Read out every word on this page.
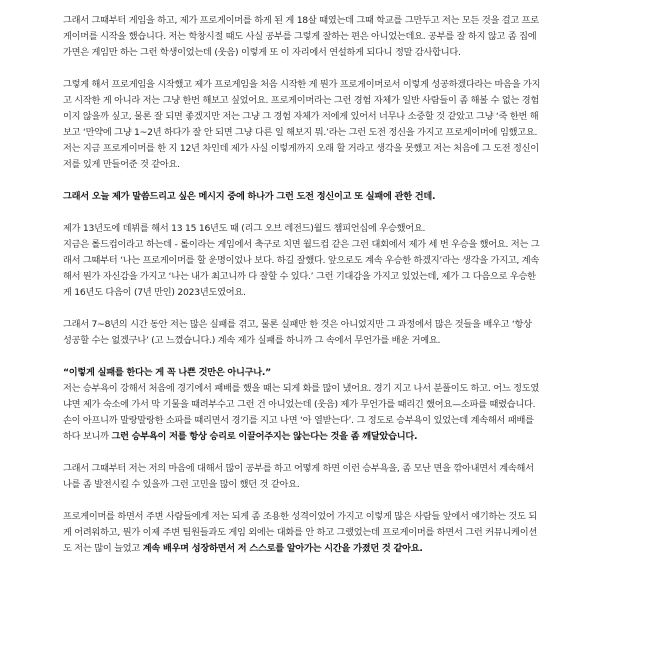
그래서 그때부터 게임을 하고, 제가 프로게이머를 하게 된 게 18살 때였는데 그때 학교를 그만두고 저는 모든 것을 걸고 프로
게이머를 시작을 했습니다. 저는 학창시절 때도 사실 공부를 그렇게 잘하는 편은 아니었는데요. 공부를 잘 하지 않고 좀 집에
가면은 게임만 하는 그런 학생이었는데 (웃음) 이렇게 또 이 자리에서 연설하게 되다니 정말 감사합니다.
그렇게 해서 프로게임을 시작했고 제가 프로게임을 처음 시작한 게 뭔가 프로게이머로서 이렇게 성공하겠다라는 마음을 가지
고 시작한 게 아니라 저는 그냥 한번 해보고 싶었어요. 프로게이머라는 그런 경험 자체가 일반 사람들이 좀 해볼 수 없는 경험
이지 않을까 싶고, 물론 잘 되면 좋겠지만 저는 그냥 그 경험 자체가 저에게 있어서 너무나 소중할 것 같았고 그냥 ‘죽 한번 해
보고 ‘만약에 그냥 1~2년 하다가 잘 안 되면 그냥 다른 일 해보지 뭐.’라는 그런 도전 정신을 가지고 프로게이머에 임했고요.
저는 지금 프로게이머를 한 지 12년 차인데 제가 사실 이렇게까지 오래 할 거라고 생각을 못했고 저는 처음에 그 도전 정신이
저를 있게 만들어준 것 같아요.
그래서 오늘 제가 말씀드리고 싶은 메시지 중에 하나가 그런 도전 정신이고 또 실패에 관한 건데.
제가 13년도에 데뷔를 해서 13 15 16년도 때 (리그 오브 레전드)월드 챔피언십에 우승했어요.
지금은 롤드컵이라고 하는데 - 롤이라는 게임에서 축구로 치면 월드컵 같은 그런 대회에서 제가 세 번 우승을 했어요. 저는 그
래서 그때부터 ‘나는 프로게이머를 할 운명이었나 보다. 하길 잘했다. 앞으로도 계속 우승한 하겠지’라는 생각을 가지고, 계속
해서 뭔가 자신감을 가지고 ‘나는 내가 최고니까 다 잘할 수 있다.’ 그런 기대감을 가지고 있었는데, 제가 그 다음으로 우승한
게 16년도 다음이 (7년 만인) 2023년도였어요.
그래서 7~8년의 시간 동안 저는 많은 실패를 겪고, 물론 실패만 한 것은 아니었지만 그 과정에서 많은 것들을 배우고 ‘항상
성공할 수는 없겠구나’ (고 느꼈습니다.) 계속 제가 실패를 하니까 그 속에서 무언가를 배운 거예요.
“이렇게 실패를 한다는 게 꼭 나쁜 것만은 아니구나.”
저는 승부욕이 강해서 처음에 경기에서 패배를 했을 때는 되게 화를 많이 냈어요. 경기 지고 나서 분풀이도 하고. 어느 정도였
냐면 제가 숙소에 가서 막 기물을 때려부수고 그런 건 아니었는데 (웃음) 제가 무언가를 때리긴 했어요—소파를 때렸습니다.
손이 아프니까 말랑말랑한 소파를 때리면서 경기를 지고 나면 ‘아 열받는다’. 그 정도로 승부욕이 있었는데 계속해서 패배를
하다 보니까 그런 승부욕이 저를 항상 승리로 이끌어주지는 않는다는 것을 좀 깨달았습니다.
그래서 그때부터 저는 저의 마음에 대해서 많이 공부를 하고 어떻게 하면 이런 승부욕을, 좀 모난 면을 깎아내면서 계속해서
나를 좀 발전시킬 수 있을까 그런 고민을 많이 했던 것 같아요.
프로게이머를 하면서 주변 사람들에게 저는 되게 좀 조용한 성격이었어 가지고 이렇게 많은 사람들 앞에서 얘기하는 것도 되
게 어려워하고, 뭔가 이제 주변 팀원들과도 게임 외에는 대화를 안 하고 그랬었는데 프로게이머를 하면서 그런 커뮤니케이션
도 저는 많이 늘었고 계속 배우며 성장하면서 저 스스로를 알아가는 시간을 가졌던 것 같아요.
